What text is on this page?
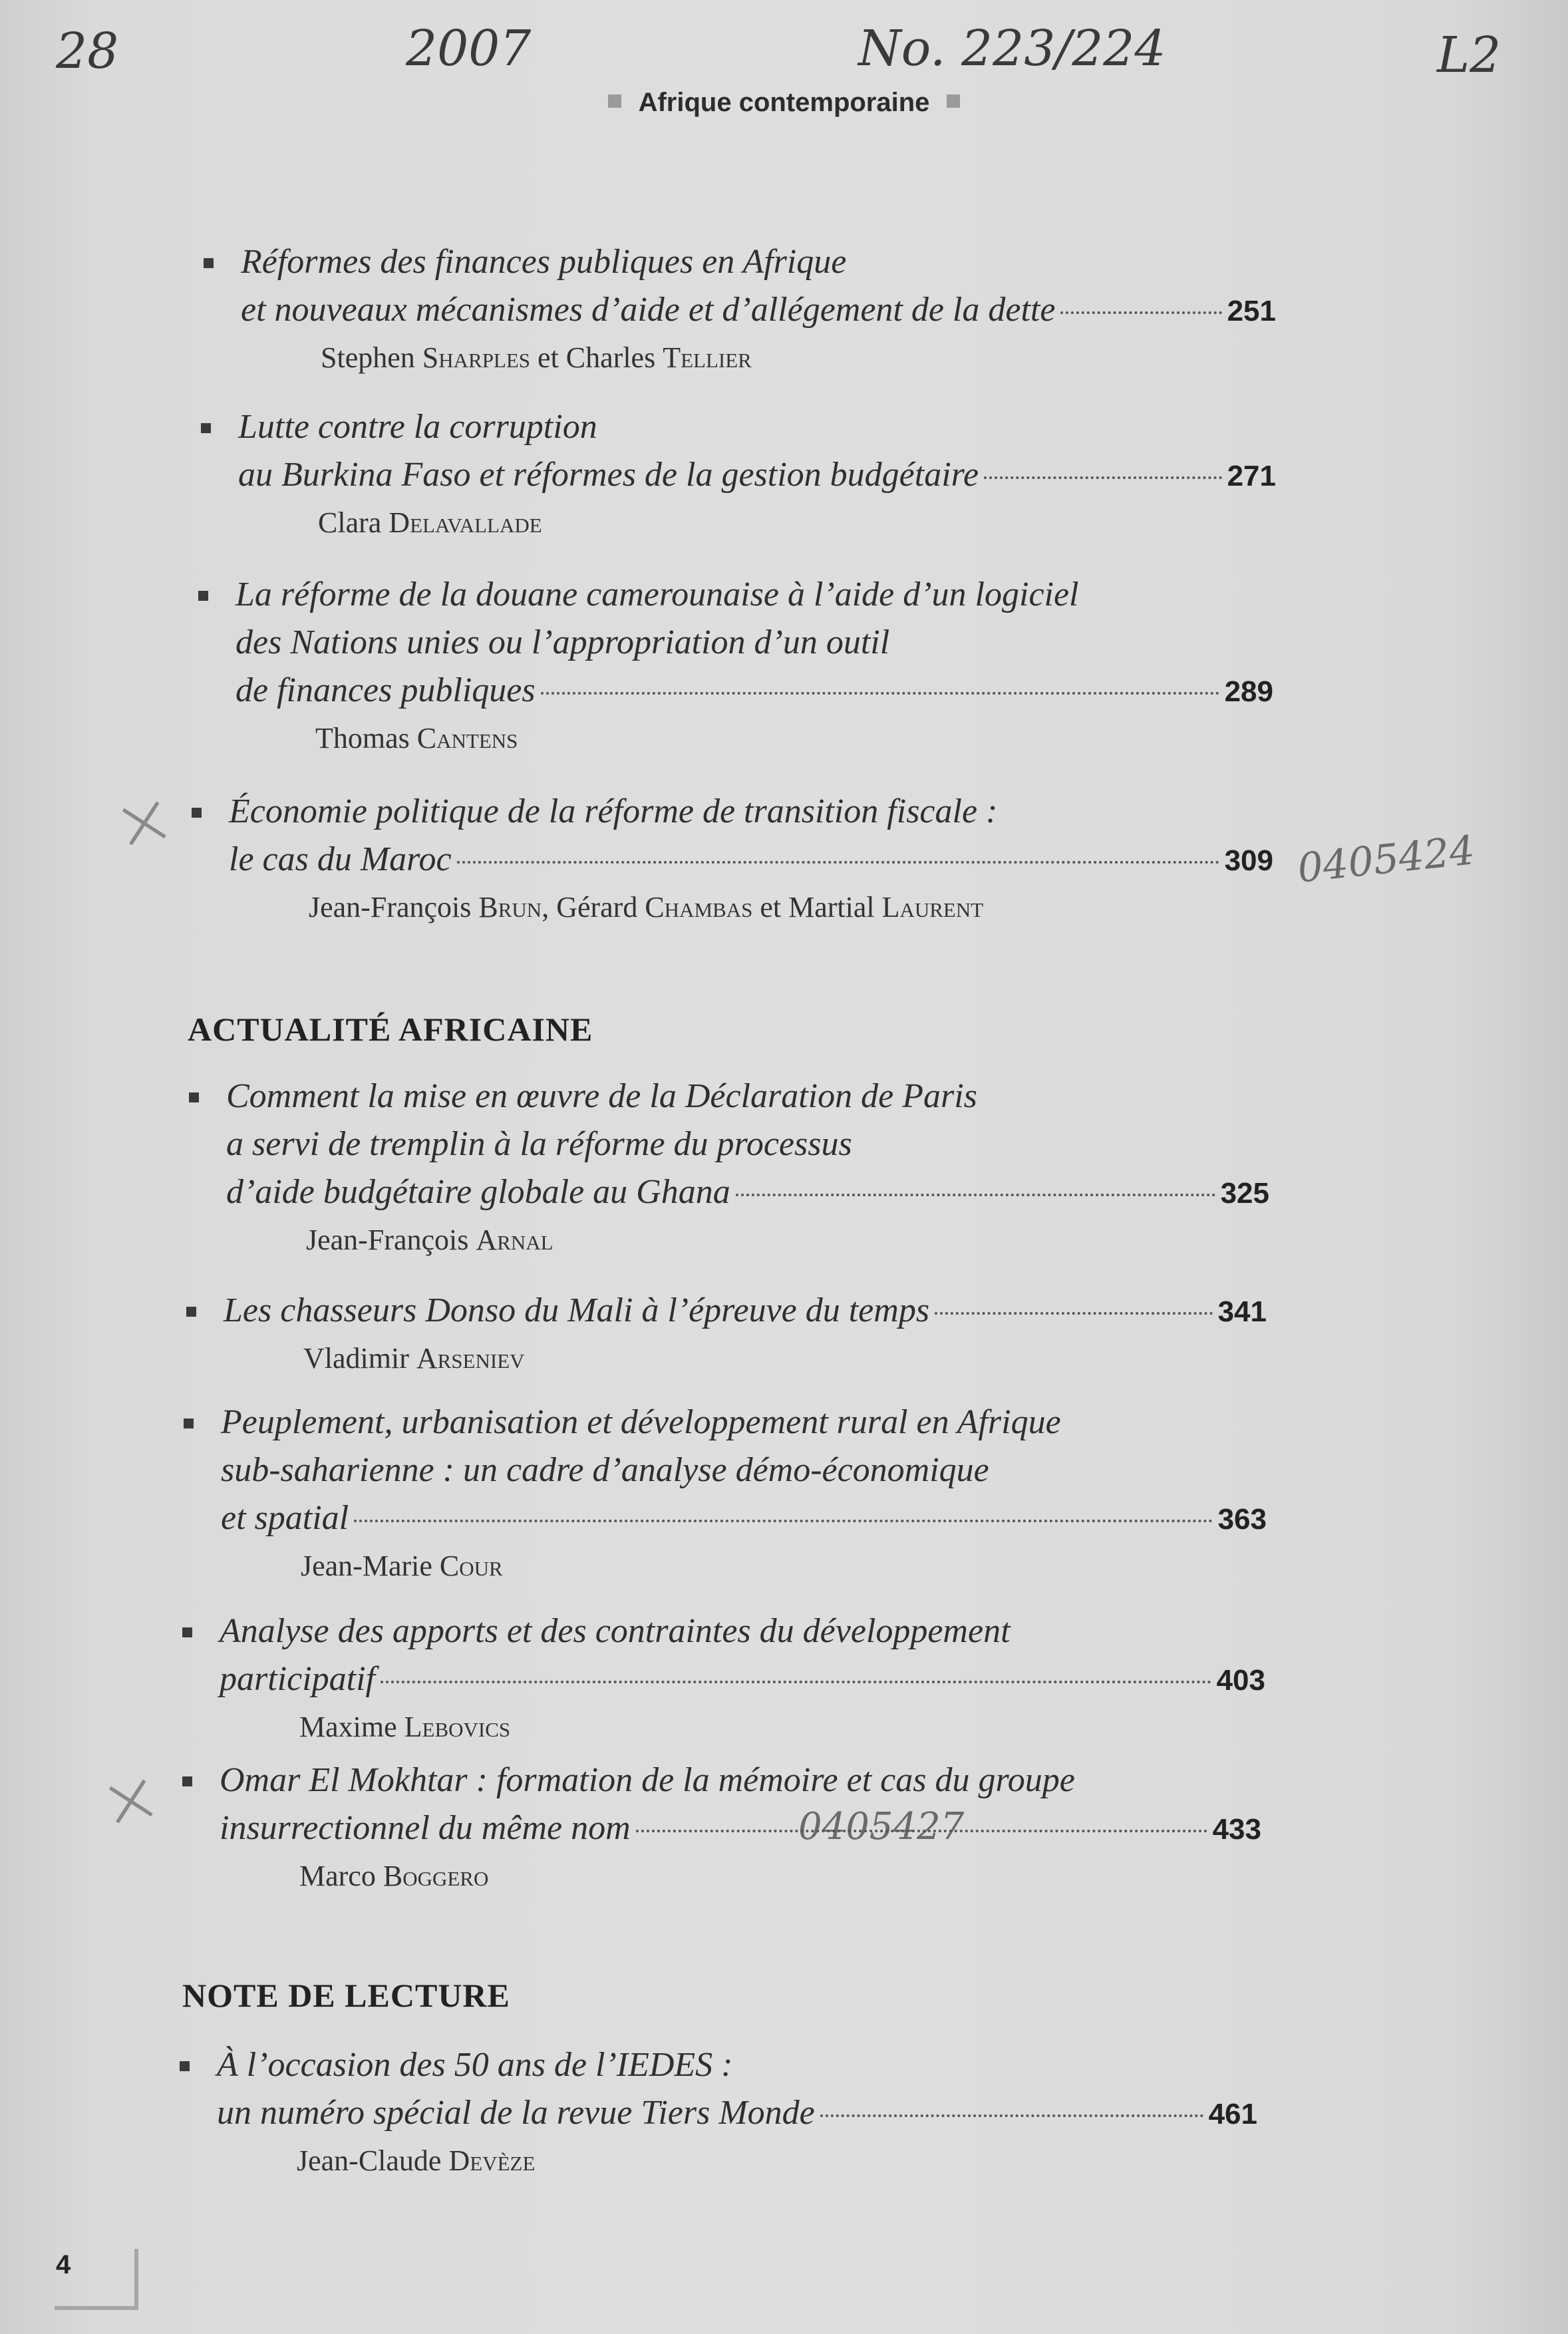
28	2007	No. 223/224	L2
0405424
0405427
⨯
⨯
Afrique contemporaine
Réformes des finances publiques en Afrique
et nouveaux mécanismes d’aide et d’allégement de la dette	251
Stephen Sharples et Charles Tellier
Lutte contre la corruption
au Burkina Faso et réformes de la gestion budgétaire	271
Clara Delavallade
La réforme de la douane camerounaise à l’aide d’un logiciel
des Nations unies ou l’appropriation d’un outil
de finances publiques	289
Thomas Cantens
Économie politique de la réforme de transition fiscale :
le cas du Maroc	309
Jean-François Brun, Gérard Chambas et Martial Laurent
ACTUALITÉ AFRICAINE
Comment la mise en œuvre de la Déclaration de Paris
a servi de tremplin à la réforme du processus
d’aide budgétaire globale au Ghana	325
Jean-François Arnal
Les chasseurs Donso du Mali à l’épreuve du temps	341
Vladimir Arseniev
Peuplement, urbanisation et développement rural en Afrique
sub-saharienne : un cadre d’analyse démo-économique
et spatial	363
Jean-Marie Cour
Analyse des apports et des contraintes du développement
participatif	403
Maxime Lebovics
Omar El Mokhtar : formation de la mémoire et cas du groupe
insurrectionnel du même nom	433
Marco Boggero
NOTE DE LECTURE
À l’occasion des 50 ans de l’IEDES :
un numéro spécial de la revue Tiers Monde	461
Jean-Claude Devèze
4
